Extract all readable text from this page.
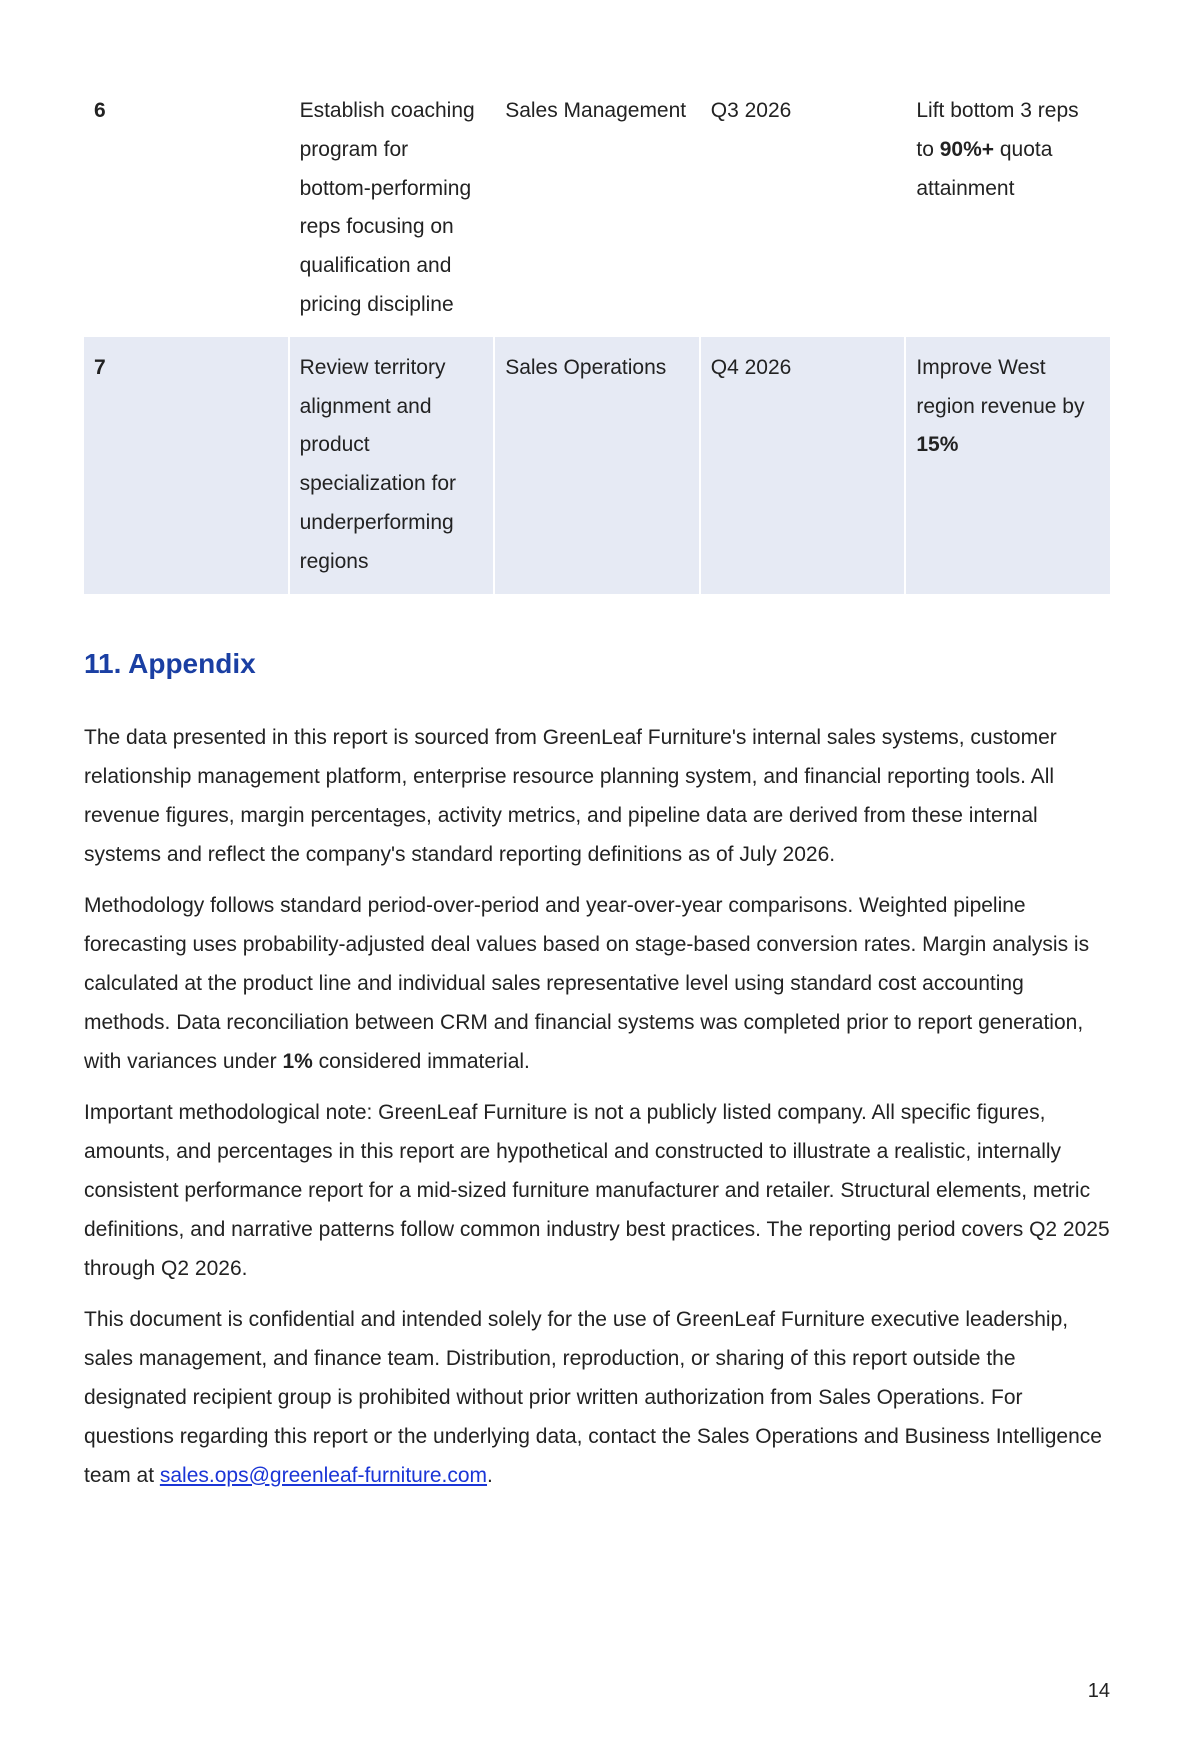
6	Establish coaching program for bottom-performing reps focusing on qualification and pricing discipline	Sales Management	Q3 2026	Lift bottom 3 reps to 90%+ quota attainment
7	Review territory alignment and product specialization for underperforming regions	Sales Operations	Q4 2026	Improve West region revenue by 15%
11. Appendix

The data presented in this report is sourced from GreenLeaf Furniture's internal sales systems, customer relationship management platform, enterprise resource planning system, and financial reporting tools. All revenue figures, margin percentages, activity metrics, and pipeline data are derived from these internal systems and reflect the company's standard reporting definitions as of July 2026.

Methodology follows standard period-over-period and year-over-year comparisons. Weighted pipeline forecasting uses probability-adjusted deal values based on stage-based conversion rates. Margin analysis is calculated at the product line and individual sales representative level using standard cost accounting methods. Data reconciliation between CRM and financial systems was completed prior to report generation, with variances under 1% considered immaterial.

Important methodological note: GreenLeaf Furniture is not a publicly listed company. All specific figures, amounts, and percentages in this report are hypothetical and constructed to illustrate a realistic, internally consistent performance report for a mid-sized furniture manufacturer and retailer. Structural elements, metric definitions, and narrative patterns follow common industry best practices. The reporting period covers Q2 2025 through Q2 2026.

This document is confidential and intended solely for the use of GreenLeaf Furniture executive leadership, sales management, and finance team. Distribution, reproduction, or sharing of this report outside the designated recipient group is prohibited without prior written authorization from Sales Operations. For questions regarding this report or the underlying data, contact the Sales Operations and Business Intelligence team at sales.ops@greenleaf-furniture.com.

14
